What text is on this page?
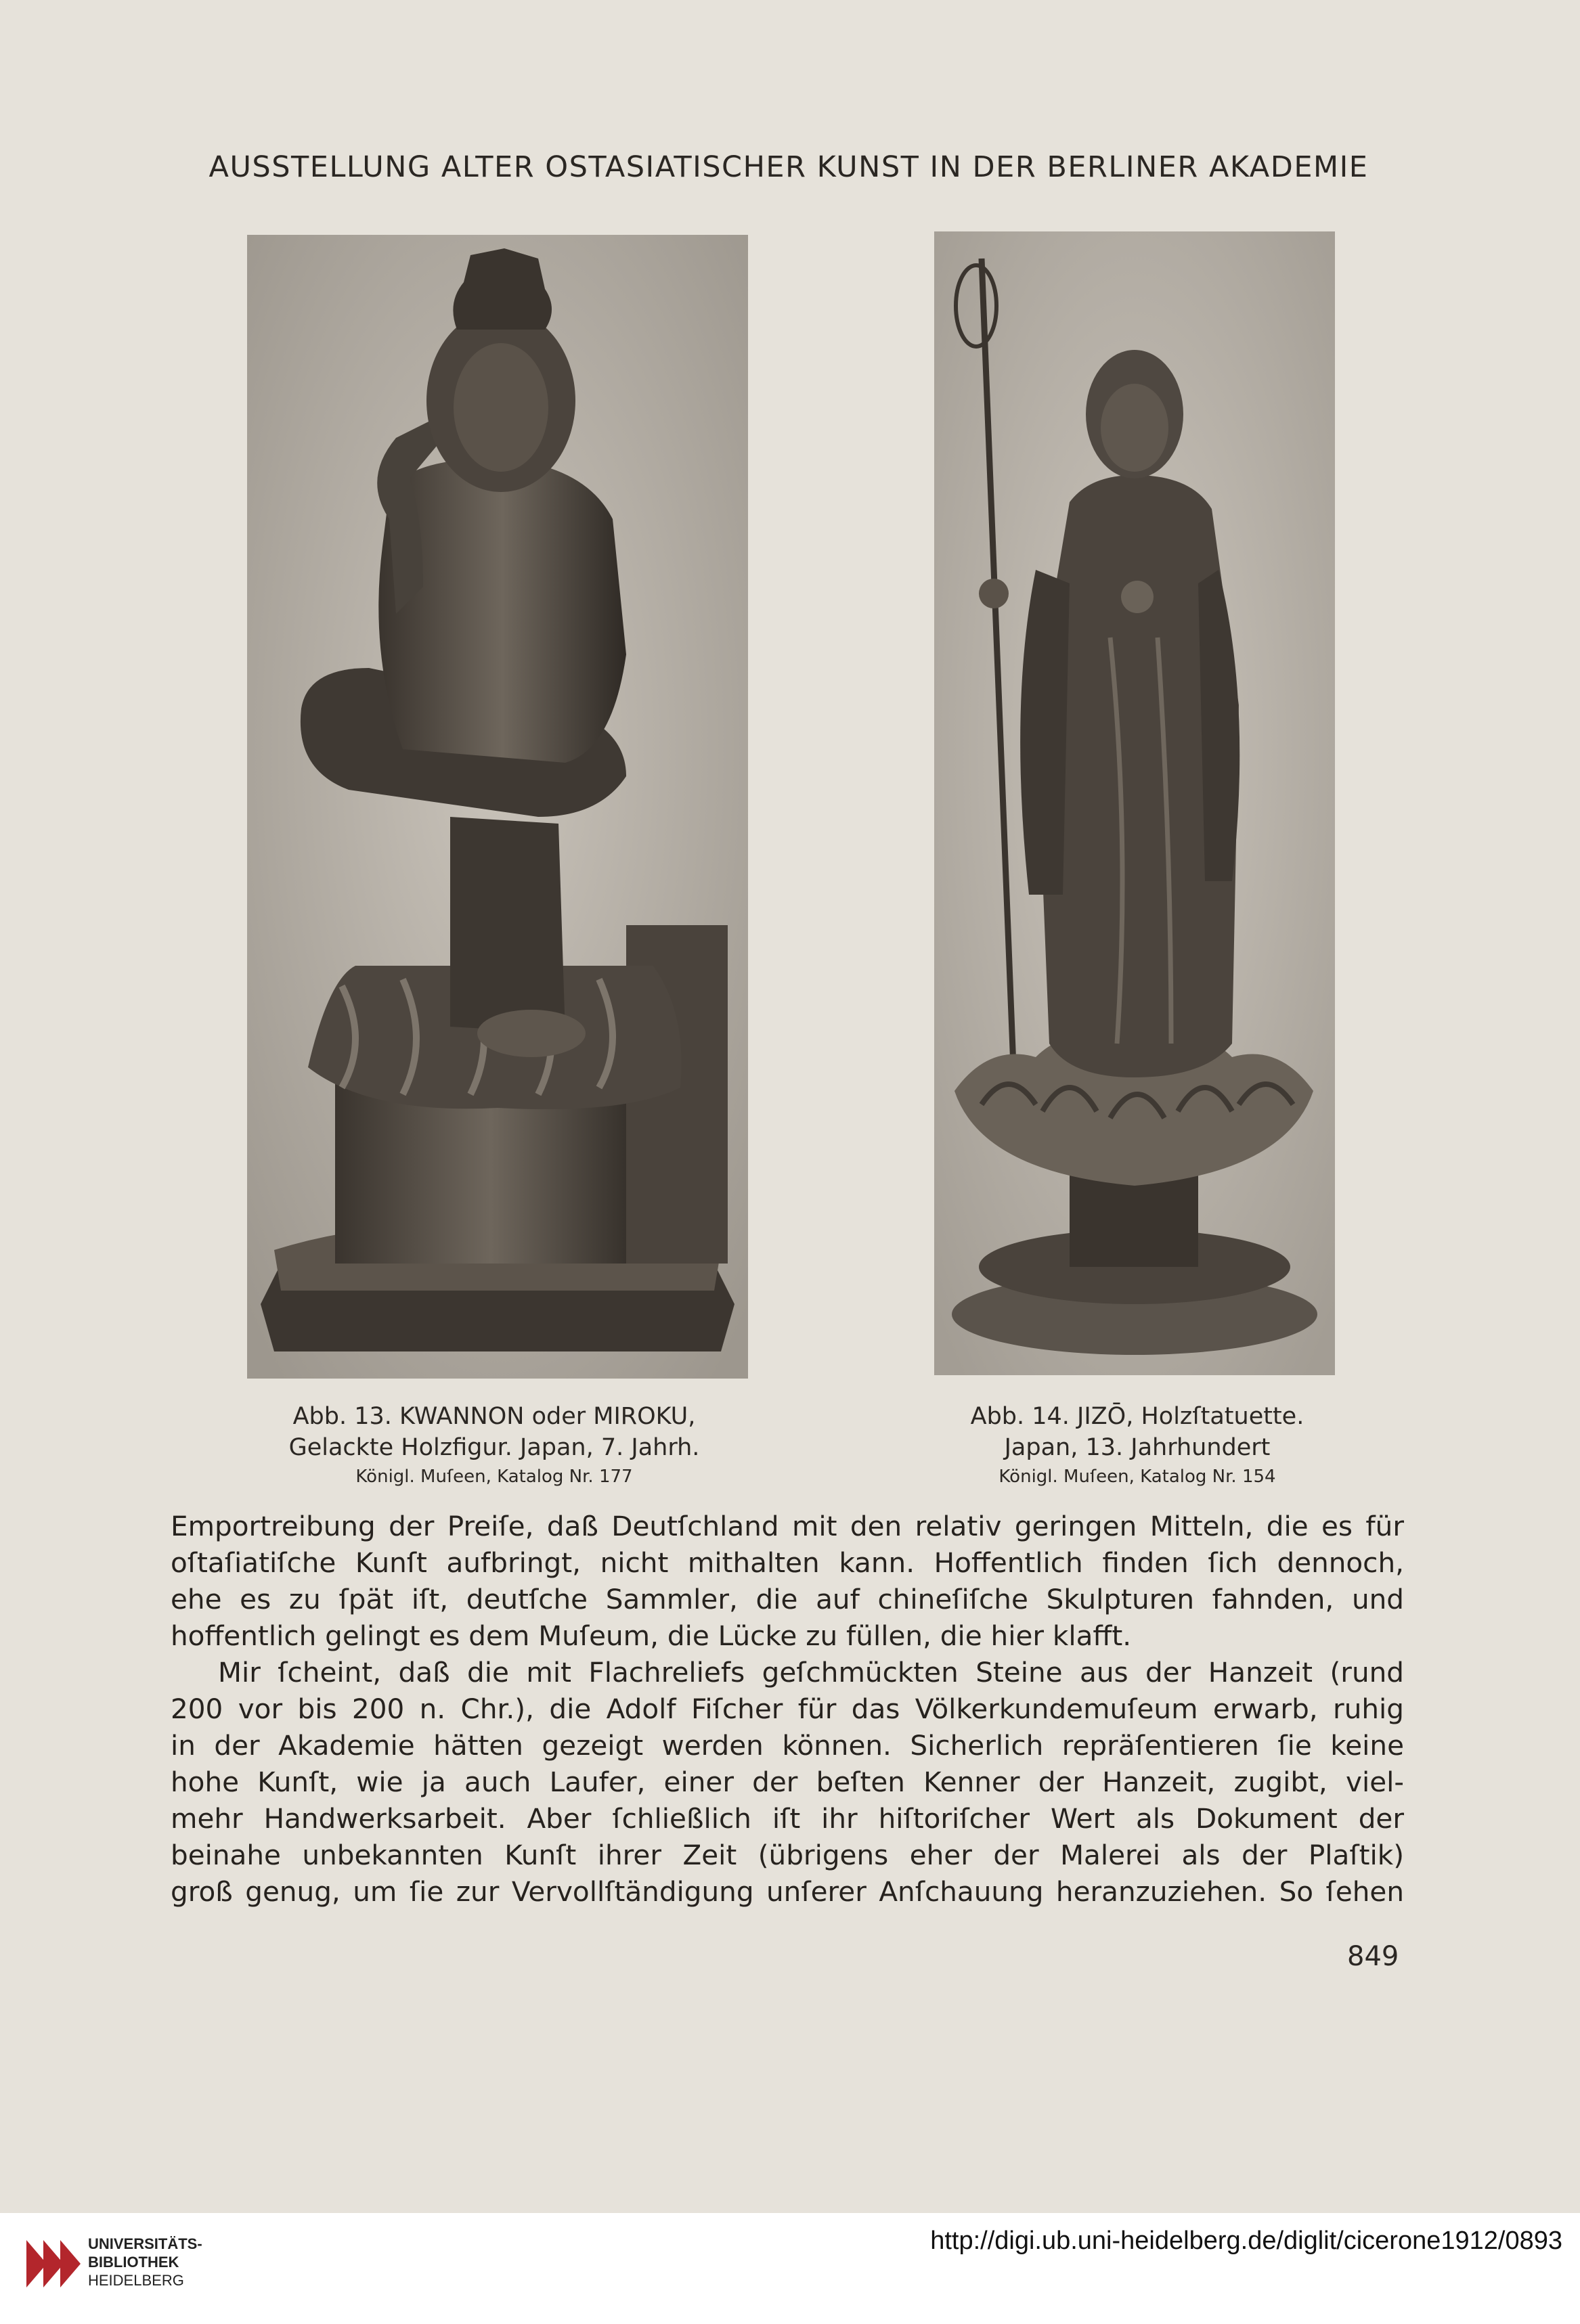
AUSSTELLUNG ALTER OSTASIATISCHER KUNST IN DER BERLINER AKADEMIE
Abb. 13. KWANNON oder MIROKU,
Gelackte Holzfigur. Japan, 7. Jahrh.
Königl. Muſeen, Katalog Nr. 177
Abb. 14. JIZŌ, Holzſtatuette.
Japan, 13. Jahrhundert
Königl. Muſeen, Katalog Nr. 154

Emportreibung der Preiſe, daß Deutſchland mit den relativ geringen Mitteln, die es für

oſtaſiatiſche Kunſt aufbringt, nicht mithalten kann. Hoffentlich finden ſich dennoch,

ehe es zu ſpät iſt, deutſche Sammler, die auf chineſiſche Skulpturen fahnden, und

hoffentlich gelingt es dem Muſeum, die Lücke zu füllen, die hier klafft.

Mir ſcheint, daß die mit Flachreliefs geſchmückten Steine aus der Hanzeit (rund

200 vor bis 200 n. Chr.), die Adolf Fiſcher für das Völkerkundemuſeum erwarb, ruhig

in der Akademie hätten gezeigt werden können. Sicherlich repräſentieren ſie keine

hohe Kunſt, wie ja auch Laufer, einer der beſten Kenner der Hanzeit, zugibt, viel-

mehr Handwerksarbeit. Aber ſchließlich iſt ihr hiſtoriſcher Wert als Dokument der

beinahe unbekannten Kunſt ihrer Zeit (übrigens eher der Malerei als der Plaſtik)

groß genug, um ſie zur Vervollſtändigung unſerer Anſchauung heranzuziehen. So ſehen

849
UNIVERSITÄTS-
BIBLIOTHEK
HEIDELBERG
http://digi.ub.uni-heidelberg.de/diglit/cicerone1912/0893
